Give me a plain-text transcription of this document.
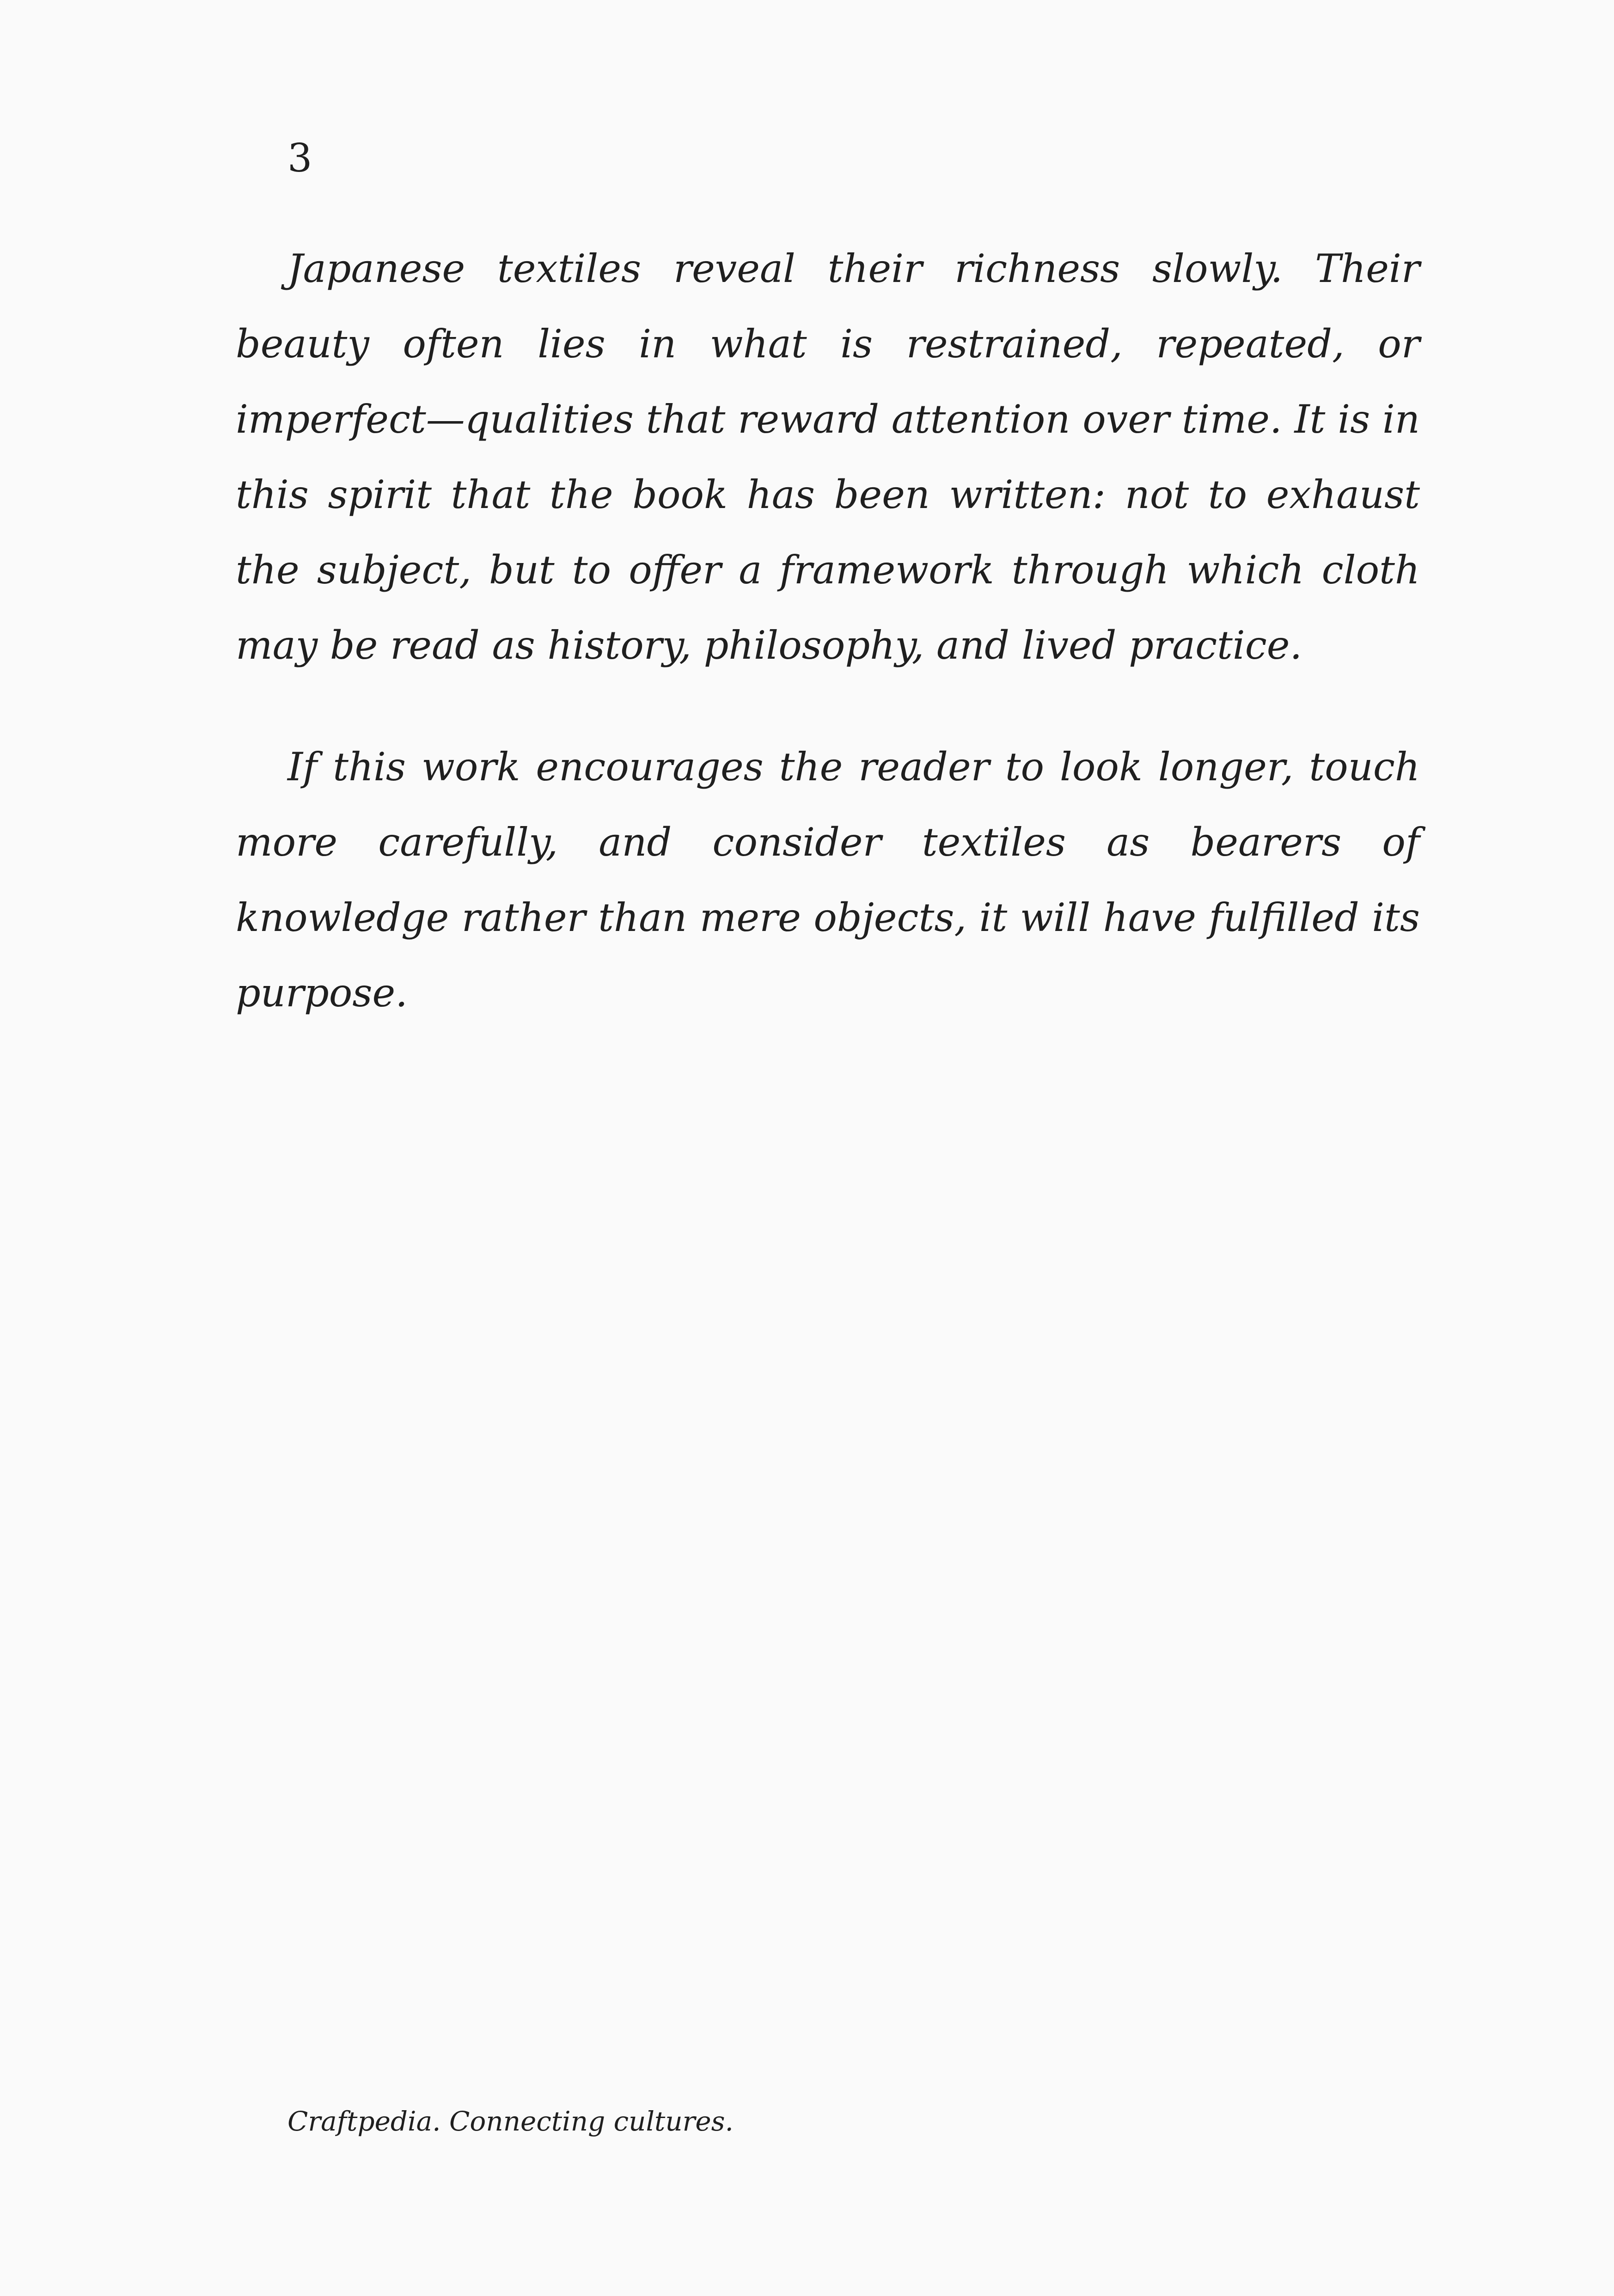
3

Japanese textiles reveal their richness slowly. Their beauty often lies in what is restrained, repeated, or imperfect—qualities that reward attention over time. It is in this spirit that the book has been written: not to exhaust the subject, but to offer a framework through which cloth may be read as history, philosophy, and lived practice.

If this work encourages the reader to look longer, touch more carefully, and consider textiles as bearers of knowledge rather than mere objects, it will have fulfilled its purpose.

Craftpedia. Connecting cultures.
